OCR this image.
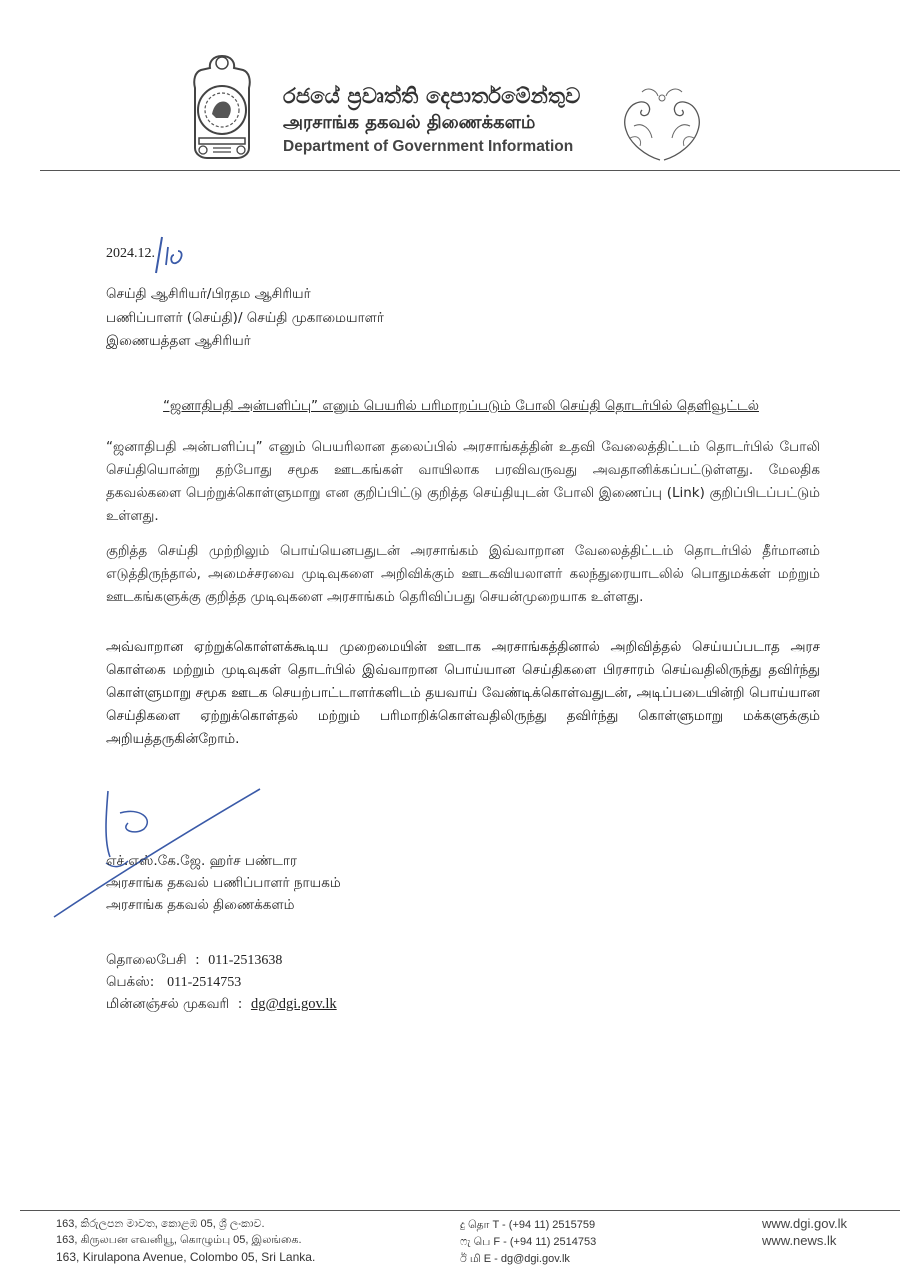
රජයේ ප්‍රවෘත්ති දෙපාර්තමේන්තුව
அரசாங்க தகவல் திணைக்களம்
Department of Government Information
2024.12.
செய்தி ஆசிரியர்/பிரதம ஆசிரியர்
பணிப்பாளர் (செய்தி)/ செய்தி முகாமையாளர்
இணையத்தள ஆசிரியர்
“ஜனாதிபதி அன்பளிப்பு” எனும் பெயரில் பரிமாறப்படும் போலி செய்தி தொடர்பில் தெளிவூட்டல்
“ஜனாதிபதி அன்பளிப்பு” எனும் பெயரிலான தலைப்பில் அரசாங்கத்தின் உதவி வேலைத்திட்டம் தொடர்பில் போலி செய்தியொன்று தற்போது சமூக ஊடகங்கள் வாயிலாக பரவிவருவது அவதானிக்கப்பட்டுள்ளது. மேலதிக தகவல்களை பெற்றுக்கொள்ளுமாறு என குறிப்பிட்டு குறித்த செய்தியுடன் போலி இணைப்பு (Link) குறிப்பிடப்பட்டும் உள்ளது.
குறித்த செய்தி முற்றிலும் பொய்யெனபதுடன் அரசாங்கம் இவ்வாறான வேலைத்திட்டம் தொடர்பில் தீர்மானம் எடுத்திருந்தால், அமைச்சரவை முடிவுகளை அறிவிக்கும் ஊடகவியலாளர் கலந்துரையாடலில் பொதுமக்கள் மற்றும் ஊடகங்களுக்கு குறித்த முடிவுகளை அரசாங்கம் தெரிவிப்பது செயன்முறையாக உள்ளது.
அவ்வாறான ஏற்றுக்கொள்ளக்கூடிய முறைமையின் ஊடாக அரசாங்கத்தினால் அறிவித்தல் செய்யப்படாத அரச கொள்கை மற்றும் முடிவுகள் தொடர்பில் இவ்வாறான பொய்யான செய்திகளை பிரசாரம் செய்வதிலிருந்து தவிர்ந்து கொள்ளுமாறு சமூக ஊடக செயற்பாட்டாளர்களிடம் தயவாய் வேண்டிக்கொள்வதுடன், அடிப்படையின்றி பொய்யான செய்திகளை ஏற்றுக்கொள்தல் மற்றும் பரிமாறிக்கொள்வதிலிருந்து தவிர்ந்து கொள்ளுமாறு மக்களுக்கும் அறியத்தருகின்றோம்.
எச்.எஸ்.கே.ஜே. ஹர்ச பண்டார
அரசாங்க தகவல் பணிப்பாளர் நாயகம்
அரசாங்க தகவல் திணைக்களம்
தொலைபேசி  :  011-2513638
பெக்ஸ்: 011-2514753
மின்னஞ்சல் முகவரி  :  dg@dgi.gov.lk
163, කිරුලපන මාවත, කොළඹ 05, ශ්‍රී ලංකාව.
163, கிருலபன எவனியூ, கொழும்பு 05, இலங்கை.
163, Kirulapona Avenue, Colombo 05, Sri Lanka.
දු தொ T - (+94 11) 2515759
ෆැ பெ F - (+94 11) 2514753
ඊ மி E - dg@dgi.gov.lk
www.dgi.gov.lk
www.news.lk
